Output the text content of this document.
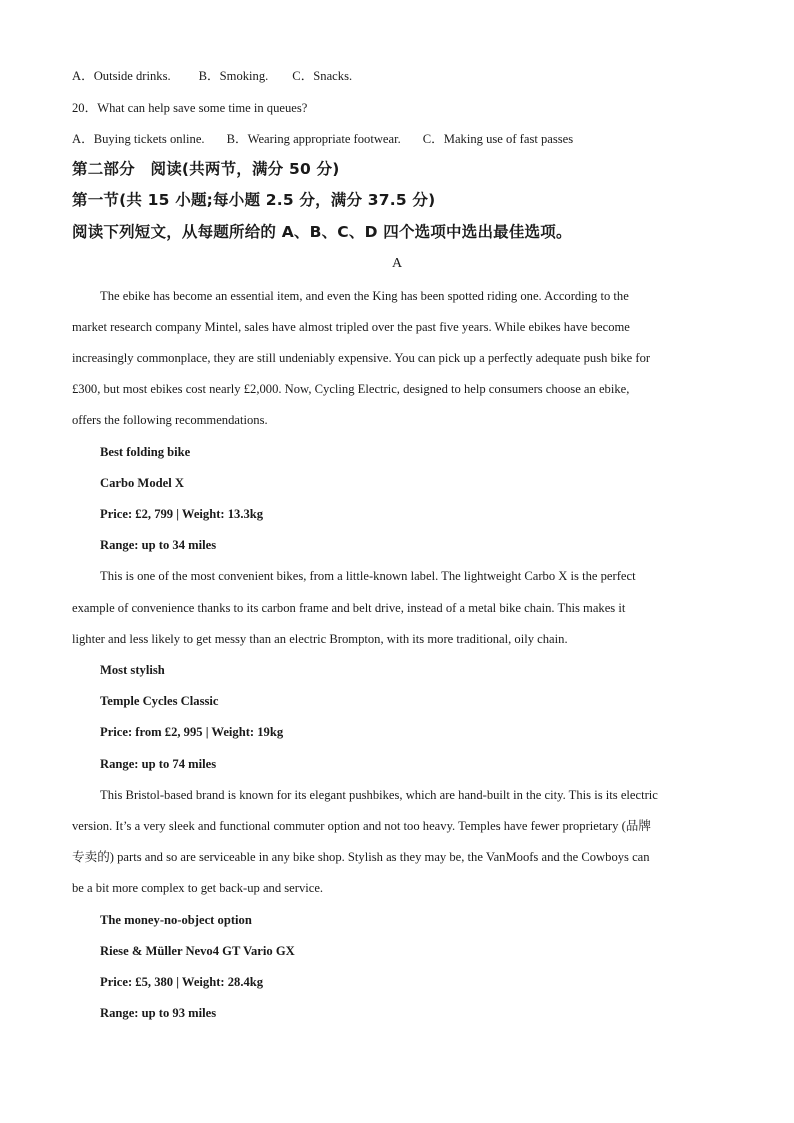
A．Outside drinks. B．Smoking. C．Snacks.
20．What can help save some time in queues?
A．Buying tickets online. B．Wearing appropriate footwear. C．Making use of fast passes
第二部分　阅读(共两节，满分 50 分)
第一节(共 15 小题;每小题 2.5 分，满分 37.5 分)
阅读下列短文，从每题所给的 A、B、C、D 四个选项中选出最佳选项。
A
The ebike has become an essential item, and even the King has been spotted riding one. According to the
market research company Mintel, sales have almost tripled over the past five years. While ebikes have become
increasingly commonplace, they are still undeniably expensive. You can pick up a perfectly adequate push bike for
£300, but most ebikes cost nearly £2,000. Now, Cycling Electric, designed to help consumers choose an ebike,
offers the following recommendations.
Best folding bike
Carbo Model X
Price: £2, 799 | Weight: 13.3kg
Range: up to 34 miles
This is one of the most convenient bikes, from a little-known label. The lightweight Carbo X is the perfect
example of convenience thanks to its carbon frame and belt drive, instead of a metal bike chain. This makes it
lighter and less likely to get messy than an electric Brompton, with its more traditional, oily chain.
Most stylish
Temple Cycles Classic
Price: from £2, 995 | Weight: 19kg
Range: up to 74 miles
This Bristol-based brand is known for its elegant pushbikes, which are hand-built in the city. This is its electric
version. It’s a very sleek and functional commuter option and not too heavy. Temples have fewer proprietary (品牌
专卖的) parts and so are serviceable in any bike shop. Stylish as they may be, the VanMoofs and the Cowboys can
be a bit more complex to get back-up and service.
The money-no-object option
Riese & Müller Nevo4 GT Vario GX
Price: £5, 380 | Weight: 28.4kg
Range: up to 93 miles
